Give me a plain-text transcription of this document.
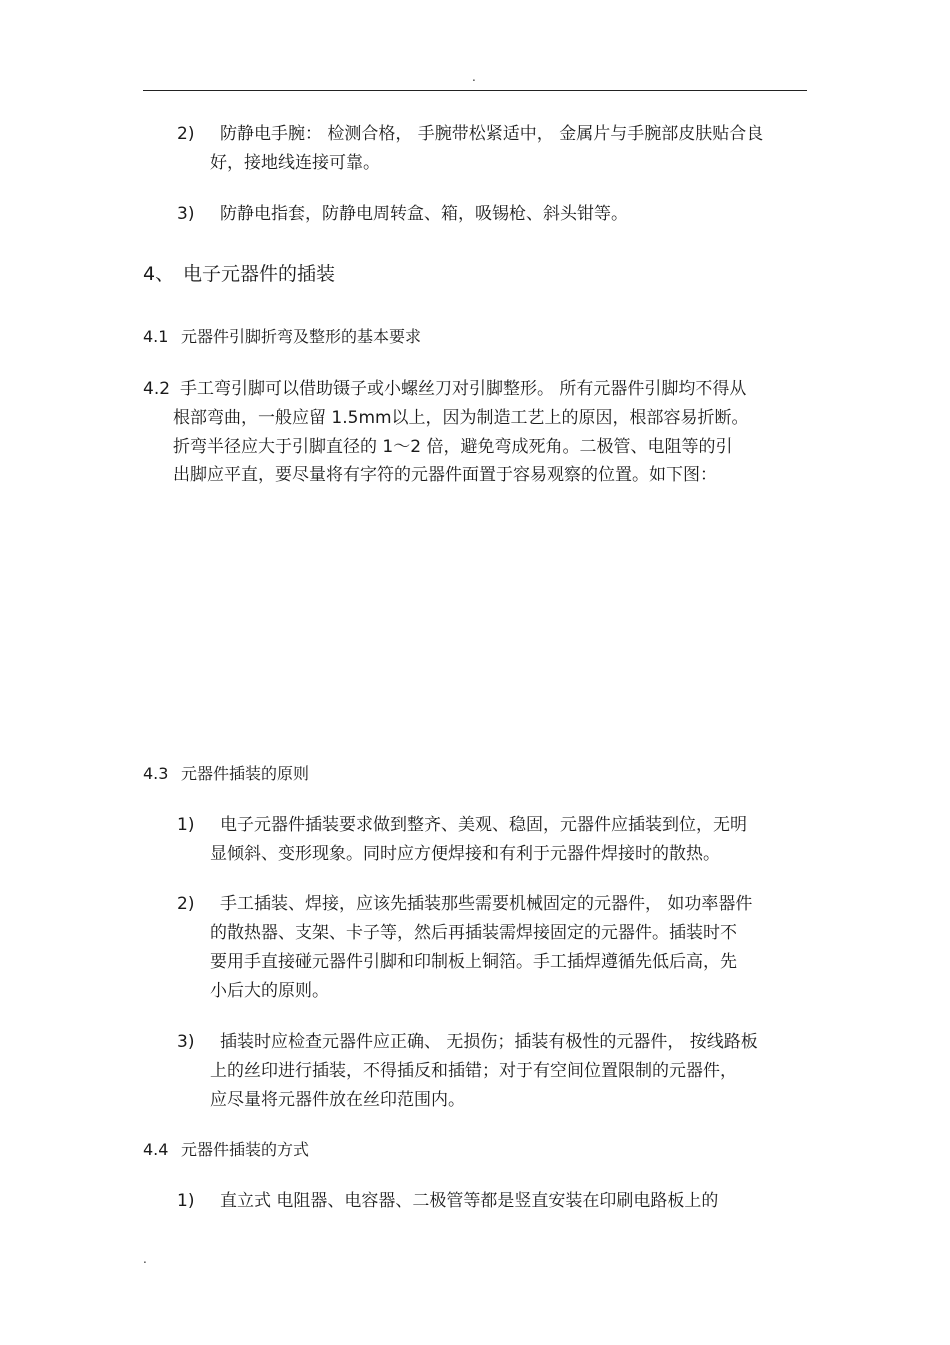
.
2) 防静电手腕： 检测合格， 手腕带松紧适中， 金属片与手腕部皮肤贴合良
好，接地线连接可靠。
3) 防静电指套，防静电周转盒、箱，吸锡枪、斜头钳等。
4、 电子元器件的插装
4.1 元器件引脚折弯及整形的基本要求
4.2 手工弯引脚可以借助镊子或小螺丝刀对引脚整形。 所有元器件引脚均不得从
根部弯曲，一般应留 1.5mm以上，因为制造工艺上的原因，根部容易折断。
折弯半径应大于引脚直径的 1～2 倍，避免弯成死角。二极管、电阻等的引
出脚应平直，要尽量将有字符的元器件面置于容易观察的位置。如下图：
4.3 元器件插装的原则
1) 电子元器件插装要求做到整齐、美观、稳固，元器件应插装到位，无明
显倾斜、变形现象。同时应方便焊接和有利于元器件焊接时的散热。
2) 手工插装、焊接，应该先插装那些需要机械固定的元器件， 如功率器件
的散热器、支架、卡子等，然后再插装需焊接固定的元器件。插装时不
要用手直接碰元器件引脚和印制板上铜箔。手工插焊遵循先低后高，先
小后大的原则。
3) 插装时应检查元器件应正确、 无损伤；插装有极性的元器件， 按线路板
上的丝印进行插装，不得插反和插错；对于有空间位置限制的元器件，
应尽量将元器件放在丝印范围内。
4.4 元器件插装的方式
1) 直立式 电阻器、电容器、二极管等都是竖直安装在印刷电路板上的
.
